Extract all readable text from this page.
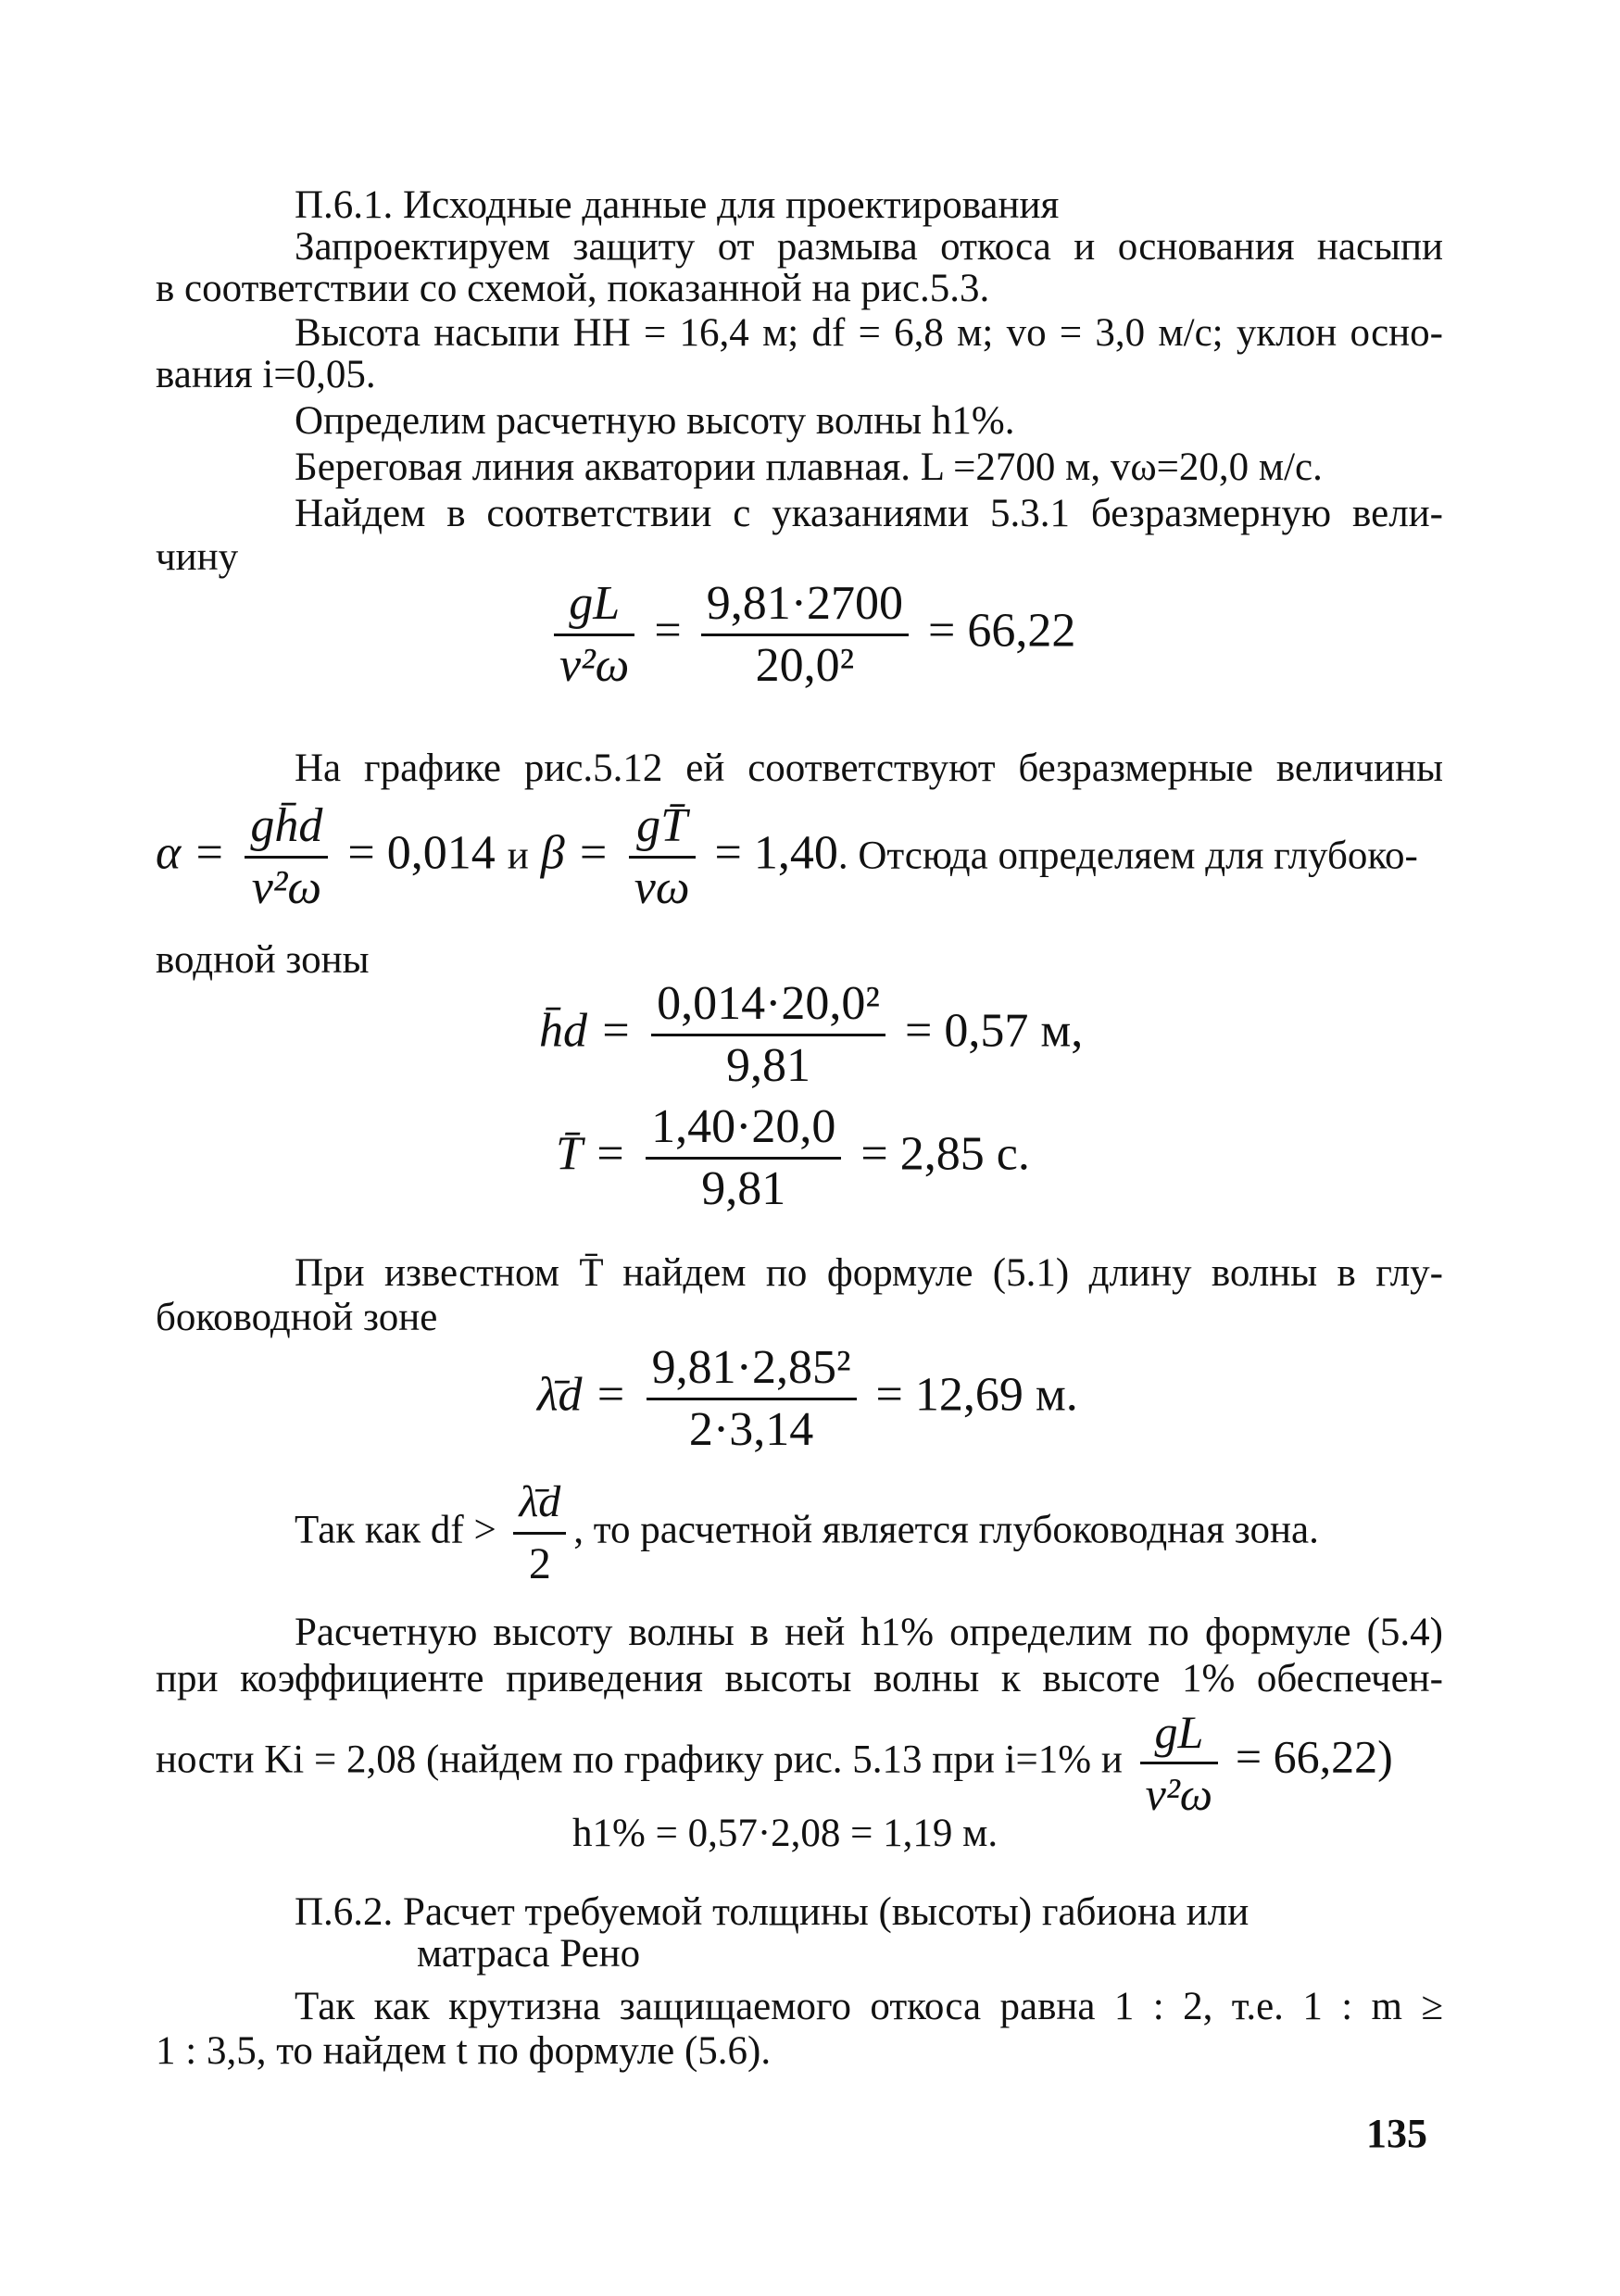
П.6.1. Исходные данные для проектирования
Запроектируем защиту от размыва откоса и основания насыпи
в соответствии со схемой, показанной на рис.5.3.
Высота насыпи HН = 16,4 м; df = 6,8 м; vo = 3,0 м/с; уклон осно-
вания i=0,05.
Определим расчетную высоту волны h1%.
Береговая линия акватории плавная. L =2700 м, vω=20,0 м/с.
Найдем в соответствии с указаниями 5.3.1 безразмерную вели-
чину
$\frac{gL}{\text{v²ω}} = \frac{9,81\cdot 2700}{\text{20,0²}} = 66,22$
На графике рис.5.12 ей соответствуют безразмерные величины
$\alpha = \frac{gh̄d}{\text{v²ω}} = 0,014$ и $\beta = \frac{gT̄}{v\omega} = 1,40$. Отсюда определяем для глубоко-
водной зоны
h̄d = $\frac{\text{0,014·20,0²}}{9,81} = 0,57$ м,
T̄ = $\frac{1,40\cdot 20,0}{9,81} = 2,85$ с.
При известном T̄ найдем по формуле (5.1) длину волны в глу-
боководной зоне
λ̄d = $\frac{\text{9,81·2,85²}}{2\cdot 3,14} = 12,69$ м.
Так как df > $\frac{\lambdād}{2}$ , то расчетной является глубоководная зона.
Расчетную высоту волны в ней h1% определим по формуле (5.4)
при коэффициенте приведения высоты волны к высоте 1% обеспечен-
ности Ki = 2,08 (найдем по графику рис. 5.13 при i=1% и $\frac{gL}{\text{v²ω}} = 66,22$)
h1% = 0,57·2,08 = 1,19 м.
П.6.2. Расчет требуемой толщины (высоты) габиона или
матраса Рено
Так как крутизна защищаемого откоса равна 1 : 2, т.е. 1 : m ≥
1 : 3,5, то найдем t по формуле (5.6).
135
